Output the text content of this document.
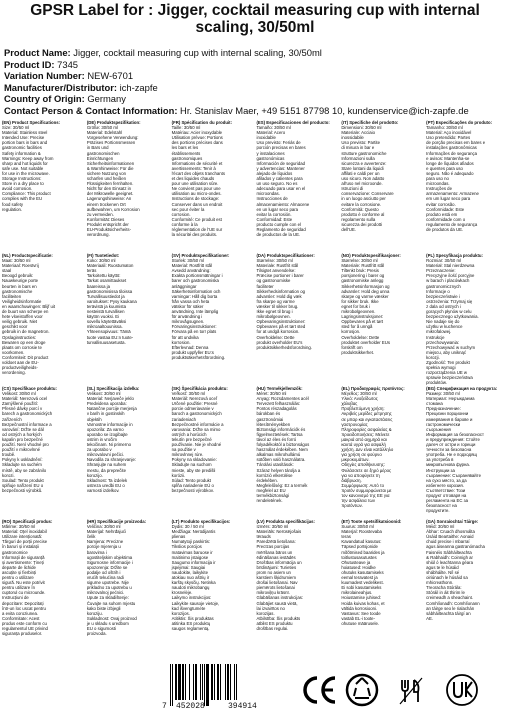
GPSR Label for : Jigger, cocktail measuring cup with internal scaling, 30/50ml
Product Name: Jigger, cocktail measuring cup with internal scaling, 30/50ml
Product ID: 7345
Variation Number: NEW-6701
Manufacturer/Distributor: ich-zapfe
Country of Origin: Germany
Contact Person & Contact Information: Hr. Stanislav Maer, +49 5151 87798 10, kundenservice@ich-zapfe.de
(EN) Product Specifications:
Size: 30/50 ml
Material: Stainless steel
Intended Use: Precise
portion bars in bars and
gastronomic facilities
Safety information &
Warnings: Keep away from
sharp and hot liquids for
safe use. Not suitable
for use in the microwave.
Storage Instructions:
Store in a dry place to
avoid corrosion.
Compliance: This product
complies with the EU
food safety
regulation.
(DE) Produktspezifikation:
Größe: 30/50 ml
Material: Edelstahl
Vorgesehene Verwendung:
Präzises Portionsmessen
in Bars und
gastronomischen
Einrichtungen
Sicherheitsinformationen
& Warnhinweise: Für die
sichere Nutzung von
scharfen und heißen
Flüssigkeiten fernhalten.
Nicht für den Einsatz in
der Mikrowelle geeignet.
Lagerungshinweise: An
einem trockenen Ort
aufbewahren, um Korrosion
zu vermeiden.
Konformität: Dieses
Produkt entspricht der
EU-Produktsicherheits-
verordnung.
(FR) Spécification du produit:
Taille: 30/50 ml
Matériau: Acier inoxydable
Utilisation prévue: Portions
des portions précises dans
les bars et les
établissements
gastronomiques
Informations de sécurité et
avertissements: Tenir à
l'écart des objets tranchants
et des liquides chauds
pour une utilisation sûre.
Ne convient pas pour une
utilisation au micro-ondes.
Instructions de stockage:
Conserver dans un endroit
sec pour éviter la
corrosion.
Conformité: Ce produit est
conforme à la
réglementation de l'UE sur
la sécurité des produits.
(ES) Especificaciones del producto:
Tamaño: 30/50 ml
Material: Acero
inoxidable
Uso previsto: Feriás de
porción precisas en bares
y instalaciones
gastronómicas
Información de seguridad
y advertencias: Mantener
alejado de líquidos
afilados y calientes para
un uso seguro. No es
adecuado para usar en el
microondas.
Instrucciones de
almacenamiento: Almacene
en un lugar seco para
evitar la corrosión.
Conformidad: Este
producto cumple con el
Reglamento de seguridad
de productos de la UE.
(IT) Specifiche del prodotto:
Dimensioni: 30/50 ml
Materiale: Acciaio
inossidabile
Uso previsto: Partite
di misura in bar e
strutture gastronomiche
Informazioni sulla
sicurezza e avvertenze:
Stare lontani da liquidi
affilati e caldi per un
uso sicuro. Non adatto
all'uso nel microonde.
Istruzioni di
conservazione: Conservare
in un luogo asciutto per
evitare la corrosione.
Conformità: Questo
prodotto è conforme al
regolamento sulla
sicurezza dei prodotti
dell'UE.
(PT) Especificações do produto:
Tamanho: 30/50 ml
Material: Aço inoxidável
Uso pretendido: Partes
de porção precisas em bares e
instalações gastronômicas
Informações de segurança
e avisos: Mantenha-se
longe de líquidos afiados
e quentes para uso
seguro. Não é adequado
para uso no
microondas.
Instruções de
armazenamento: Armazene
em um lugar seco para
evitar corrosão.
Conformidade: Este
produto está em
conformidade com o
regulamento de segurança
de produtos da UE.
(NL) Productspecificatie:
Maat: 30/50 ml
Materiaal: Roestvrij
staal
Beoogd gebruik:
Nauwkeurige porte
beurten in bars en
gastronomische
faciliteiten
Veiligheidsinformatie
en waarschuwingen: Blijf uit
de buurt van scherpe en
hete vloeistoffen voor
veilig gebruik. Niet
geschikt voor
gebruik in de magnetron.
Opslaginstructies:
Bewaren op een droge
plaats om corrosie te
voorkomen.
Conformiteit: Dit product
voldoet aan de EU-
productveiligheids-
verordening.
(FI) Tuotetiedot:
Koko: 30/50 ml
Materiaali: Ruostumaton
teräs
Tarkoitettu käyttö:
Tarkat osamittaukset
baareissa ja
gastronomisissa tiloissa
Turvallisuustiedot ja
varoitukset: Pysy kaukana
terävistä ja kuumista
nesteistä turvallisen
käytön vuoksi. Ei
sovellu käytettäväksi
mikroaaltouunissa.
Yhteensopivuus: Tämä
tuote vastaa EU:n tuote-
turvallisuusasetusta.
(SV) Produktspecifikationer:
Storlek: 30/50 ml
Material: Rostfritt stål
Avsedd användning:
Exakta portionsmätningar i
barer och gastronomiska
anläggningar
Säkerhetsinformation och
varningar: Håll dig borta
från vassa och heta
vätskor för säker
användning. Inte lämplig
för användning i
mikrovågsugnen.
Förvaringsinstruktioner:
Förvara på en torr plats
för att undvika
korrosion.
Efterlevnad: Denna
produkt uppfyller EU:s
produktsäkerhetsförordning.
(DA) Produktspecifikationer:
Størrelse: 30/50 ml
Materiale: Rustfrit stål
Tilsigtet anvendelse:
Præcise portioner i barer
og gastronomiske
faciliteter
Sikkerhedsinformation og
advarsler: Hold dig væk
fra skarpe og varme
væsker til sikker brug.
Ikke egnet til brug i
mikrobølgeovnen.
Opbevaringsinstruktioner:
Opbevares på et tørt sted
for at undgå korrosion.
Overholdelse: Dette
produkt overholder EU's
produktsikkerhedsforordning.
(NO) Produktspesifikasjoner:
Størrelse: 30/50 ml
Materiale: Rustfritt stål
Tiltenkt bruk: Presis
porsjonering i barer og
gastronomiske anlegg
Sikkerhetsinformasjon og
advarsler: Hold deg unna
skarpe og varme væsker
for sikker bruk. Ikke
egnet for bruk i
mikrobølgeovnen.
Lagringsinstruksjoner:
Oppbevares på et tørt
sted for å unngå
korrosjon.
Overholdelse: Dette
produktet overholder EUs
forskrift om
produktsikkerhet.
(PL) Specyfikacja produktu:
Rozmiar: 30/50 ml
Materiał: Stal nierdzewna
Przeznaczenie:
Precyzyjne ilość porcyjne
w barach i placówkach
gastronomicznych
Informacje o
bezpieczeństwie i
ostrzeżenia: Trzymaj się
z dala od ostrych i
gorących płynów w celu
bezpiecznego użytkowania.
Nie nadaje się do
użytku w kuchence
mikrofalowej.
Instrukcje
przechowywania:
Przechowywać w suchym
miejscu, aby uniknąć
korozji.
Zgodność: Ten produkt
spełnia wymogi
rozporządzenia UE w
sprawie bezpieczeństwa
produktów.
(CS) Specifikace produktu:
Velikost: 30/50 ml
Materiál: Nerezová ocel
Zamýšlené použití:
Přesné dávky porcí v
barech a gastronomických
zařízeních
Bezpečnostní informace a
varování: Držte se dál
od ostrých a horkých
kapalin pro bezpečné
použití. Není vhodné pro
použití v mikrovlnné
troubě.
Pokyny k uskladnění:
Skladujte na suchém
místě, aby se zabránilo
korozi.
Soulad: Tento produkt
splňuje nařízení EU o
bezpečnosti výrobků.
(SL) Specifikacija izdelka:
Velikost: 30/50 ml
Material: Nerjaveče jeklo
Predvidena uporaba:
Natančne porcije merjenja
v barih in gostinskih
objektih
Varnostne informacije in
opozorila: Za varno
uporabo se izogibajte
ostrim in vročim
tekočinam. Ni primerno
za uporabo v
mikrovalovni pečici.
Navodila za shranjevanje:
Shranjujte na suhem
mestu, da preprečite
korozijo.
Skladnost: Ta izdelek
ustreza uredbi EU o
varnosti izdelkov.
(SK) Špecifikácia produktu:
Veľkosť: 30/50 ml
Materiál: Nerezová oceľ
Určené použitie: Presné
porcie odmeriavanie v
baroch a gastronomických
zariadeniach
Bezpečnostné informácie a
varovania: Držte sa mimo
ostrých a horúcich
tekutín pre bezpečné
používanie. Nie je vhodné
na použitie v
mikrovlnnej rúre.
Pokyny na skladovanie:
Skladujte na suchom
mieste, aby ste predišli
korózii.
Súlad: Tento produkt
spĺňa nariadenie EÚ o
bezpečnosti výrobkov.
(HU) Termékjellemzők:
Méret: 30/50 ml
Anyag: Rozsdamentes acél
Tervezett felhasználás:
Pontos részadagolás
bárokban és
gasztronómiai
létesítményekben
Biztonsági információk és
figyelmeztetések: Tartsa
távol az éles és forró
folyadékoktól a biztonságos
használat érdekében. Nem
alkalmas mikrohullámú
sütőben való használatra.
Tárolási utasítások:
Száraz helyen tárolja a
korrózió elkerülése
érdekében.
Megfelelőség: Ez a termék
megfelel az EU
termékbiztonsági
rendeletének.
(EL) Προδιαγραφές προϊόντος:
Μέγεθος: 30/50 ml
Υλικό: Ανοξείδωτος
χάλυβας
Προβλεπόμενη χρήση:
Ακριβείς μερίδες μέτρησης
σε μπαρ και εγκαταστάσεις
γαστρονομίας
Πληροφορίες ασφαλείας &
προειδοποιήσεις: Μείνετε
μακριά από αιχμηρά και
καυτά υγρά για ασφαλή
χρήση. Δεν είναι κατάλληλο
για χρήση σε φούρνο
μικροκυμάτων.
Οδηγίες αποθήκευσης:
Φυλάσσετε σε ξηρό μέρος
για να αποφύγετε τη
διάβρωση.
Συμμόρφωση: Αυτό το
προϊόν συμμορφώνεται με
τον κανονισμό της ΕΕ για
την ασφάλεια των
προϊόντων.
(BG) Спецификация на продукта:
Размер: 30/50 ml
Материал: Неръждаема
стомана
Предназначение:
Прецизни порционни
измервания в барове и
гастрономически
съоръжения
Информация за безопасност
и предупреждения: Стойте
далеч от остри и горещи
течности за безопасна
употреба. Не е подходящ
за употреба в
микровълнова фурна.
Инструкции за
съхранение: Съхранявайте
на сухо място, за да
избегнете корозия.
Съответствие: Този
продукт отговаря на
регламента на ЕС за
безопасност на
продуктите.
(RO) Specificații produs:
Mărime: 30/50 ml
Material: Oțel inoxidabil
Utilizare intenționată:
Tărguri de porții precise
în baruri și instalații
gastronomice
Informații de siguranță
și avertismente: Țineți
departe de lichide
ascuțite și fierbinți
pentru o utilizare
sigură. Nu este potrivit
pentru utilizare în
cuptorul cu microunde.
Instrucțiuni de
depozitare: Depozitați
într-un loc uscat pentru
a evita coroziunea.
Conformitate: Acest
produs este conform cu
regulamentul UE privind
siguranța produselor.
(HR) Specifikacije proizvoda:
Veličina: 30/50 ml
Materijal: Nehrđajući
čelik
Namjena: Precizne
porcije mjerenja u
barovima i
ugostiteljskim objektima
Sigurnosne informacije i
upozorenja: Držite se
podalje od oštrih i
vrućih tekućina radi
sigurne upotrebe. Nije
prikladno za upotrebu u
mikrovalnoj pećnici.
Upute za skladištenje:
Čuvajte na suhom mjestu
kako biste izbjegli
koroziju.
Sukladnost: Ovaj proizvod
je u skladu s uredbom
EU o sigurnosti
proizvoda.
(LT) Produkto specifikacijos:
Dydis: 30 / 50 ml
Medžiaga: Nerūdijantis
plienas
Numatytoji paskirtis:
Tikslios porcijos
matavimas baruose ir
maitinimo įstaigose
Saugumo informacija ir
įspėjimai: Saugiai
naudokite, laikykite
atokiau nuo aštrių ir
karštų skysčių. Netinka
naudoti mikrobangų
krosnelėje.
Laikymo instrukcijos:
Laikykite sausoje vietoje,
kad išvengtumėte
korozijos.
Atitiktis: Šis produktas
atitinka ES produktų
saugos reglamentą.
(LV) Produkta specifikācijas:
Izmērs: 30/50 ml
Materiāls: Nerūsējošais
tērauds
Paredzētā lietošana:
Precīzas porcijas
mērīšana bāros un
ēdināšanas iestādēs
Drošības informācija un
brīdinājumi: Turieties
prom no asiem un
karstiem šķidrumiem
drošai lietošanai. Nav
piemērots lietošanai
mikroviļņu krāsnī.
Glabāšanas instrukcijas:
Glabājiet sausā vietā,
lai izvairītos no
korozijas.
Atbilstība: Šis produkts
atbilst ES produktu
drošības regulai.
(ET) Toote spetsifikatsioonid:
Suurus: 30/50 ml
Materjal: Roostevaba
teras
Kavandatud kasutus:
Täpsed portsjonide
mõõtmised baarides ja
toitlustusasutustes
Ohutusteave ja
hoiatused: Hoidke
ohutuks kasutamiseks
eemal teravatest ja
kuumadest vedelikest.
Ei sobi kasutamiseks
mikrolaineahjus.
Hoiustamise juhised:
Hoida kuivas kohas, et
vältida korrosiooni.
Vastavus: See toode
vastab EL-i toote-
ohutuse määrusele.
(GA) Sonraíochtaí Táirge:
Méid: 30/50 ml
Ábhar: Cruach dhosmálta
Úsáid Beartaithe: Aonaid
chuid precise i mbarraí
agus áiseanna gastranómacha
Faisnéis Sábháilteachta
& Rabhaidh: Coinnigh ar
shiúl ó leachtanna géara
agus te le húsáid
shábháilte. Níl sé
oiriúnach le húsáid sa
mhicreathonn.
Treoracha Stórála:
Stóráil in áit thirim le
creimeadh a sheachaint.
Comhlíonadh: Comhlíonann
an táirge seo le rialachán
sábháilteachta táirgí an
AE.
7 452028	394914
